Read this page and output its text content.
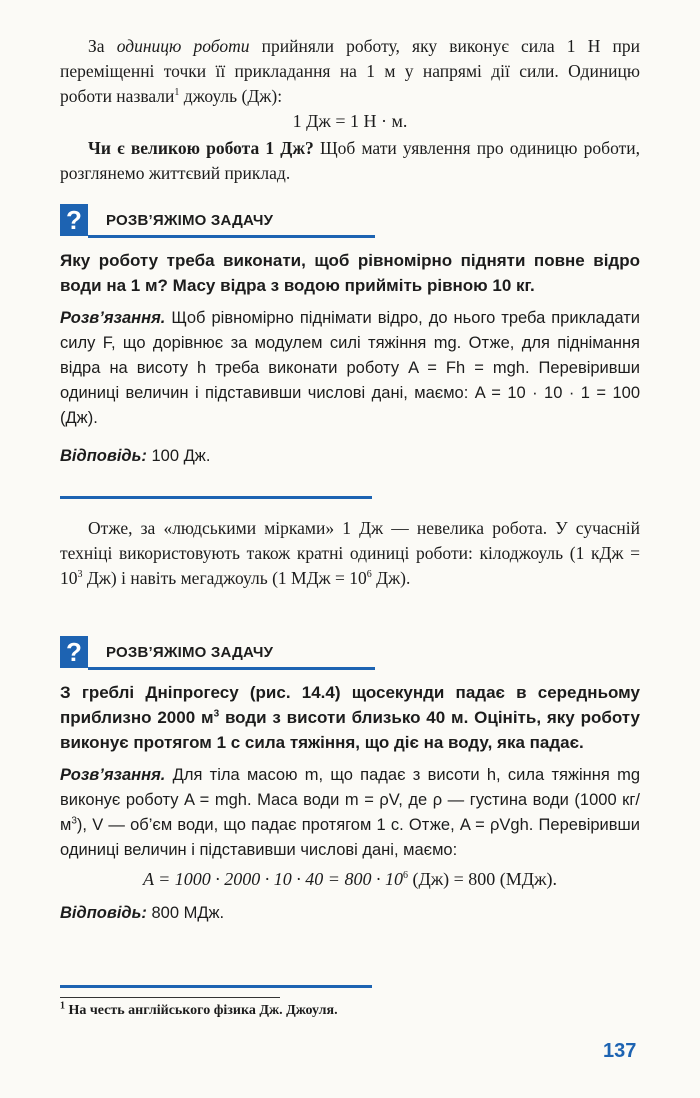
За одиницю роботи прийняли роботу, яку виконує сила 1 Н при переміщенні точки її прикладання на 1 м у напрямі дії сили. Одиницю роботи назвали$^1$ джоуль (Дж):

1 Дж = 1 Н · м.

Чи є великою робота 1 Дж? Щоб мати уявлення про одиницю роботи, розглянемо життєвий приклад.

?	РОЗВ’ЯЖІМО ЗАДАЧУ

Яку роботу треба виконати, щоб рівномірно підняти повне відро води на 1 м? Масу відра з водою прийміть рівною 10 кг.

Розв’язання. Щоб рівномірно піднімати відро, до нього треба прикладати силу F, що дорівнює за модулем силі тяжіння mg. Отже, для піднімання відра на висоту h треба виконати роботу A = Fh = mgh. Перевіривши одиниці величин і підставивши числові дані, маємо: A = 10 · 10 · 1 = 100 (Дж).

Відповідь: 100 Дж.

Отже, за «людськими мірками» 1 Дж — невелика робота. У сучасній техніці використовують також кратні одиниці роботи: кілоджоуль (1 кДж = $10^3$ Дж) і навіть мегаджоуль (1 МДж = $10^6$ Дж).

?	РОЗВ’ЯЖІМО ЗАДАЧУ

З греблі Дніпрогесу (рис. 14.4) щосекунди падає в середньому приблизно 2000 $м^3$ води з висоти близько 40 м. Оцініть, яку роботу виконує протягом 1 с сила тяжіння, що діє на воду, яка падає.

Розв’язання. Для тіла масою m, що падає з висоти h, сила тяжіння mg виконує роботу A = mgh. Маса води m = ρV, де ρ — густина води (1000 $кг/м^3$), V — об’єм води, що падає протягом 1 с. Отже, A = ρVgh. Перевіривши одиниці величин і підставивши числові дані, маємо:

$A = 1000 \cdot 2000 \cdot 10 \cdot 40 = 800 \cdot 10^6$ (Дж) = 800 (МДж).

Відповідь: 800 МДж.

$^1$ На честь англійського фізика Дж. Джоуля.
137
